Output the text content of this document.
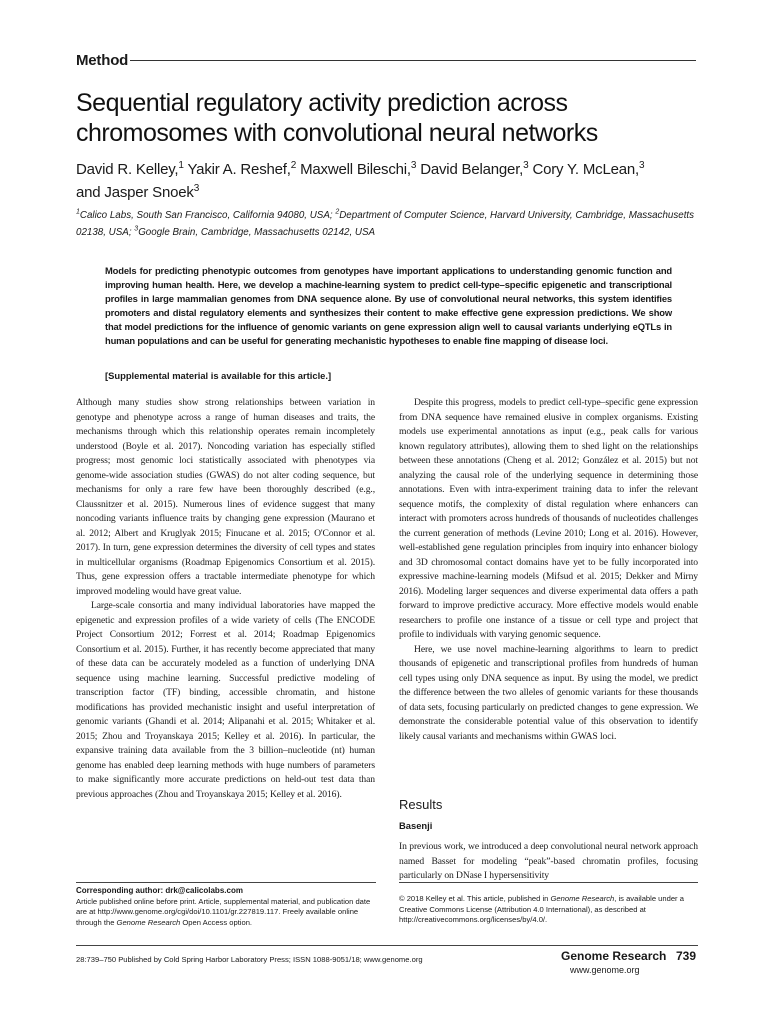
Method
Sequential regulatory activity prediction across chromosomes with convolutional neural networks
David R. Kelley,$^1$ Yakir A. Reshef,$^2$ Maxwell Bileschi,$^3$ David Belanger,$^3$ Cory Y. McLean,$^3$
and Jasper Snoek$^3$
$^1$Calico Labs, South San Francisco, California 94080, USA; $^2$Department of Computer Science, Harvard University, Cambridge, Massachusetts 02138, USA; $^3$Google Brain, Cambridge, Massachusetts 02142, USA
Models for predicting phenotypic outcomes from genotypes have important applications to understanding genomic function and improving human health. Here, we develop a machine-learning system to predict cell-type–specific epigenetic and transcriptional profiles in large mammalian genomes from DNA sequence alone. By use of convolutional neural networks, this system identifies promoters and distal regulatory elements and synthesizes their content to make effective gene expression predictions. We show that model predictions for the influence of genomic variants on gene expression align well to causal variants underlying eQTLs in human populations and can be useful for generating mechanistic hypotheses to enable fine mapping of disease loci.
[Supplemental material is available for this article.]

Although many studies show strong relationships between variation in genotype and phenotype across a range of human diseases and traits, the mechanisms through which this relationship operates remain incompletely understood (Boyle et al. 2017). Noncoding variation has especially stifled progress; most genomic loci statistically associated with phenotypes via genome-wide association studies (GWAS) do not alter coding sequence, but mechanisms for only a rare few have been thoroughly described (e.g., Claussnitzer et al. 2015). Numerous lines of evidence suggest that many noncoding variants influence traits by changing gene expression (Maurano et al. 2012; Albert and Kruglyak 2015; Finucane et al. 2015; O'Connor et al. 2017). In turn, gene expression determines the diversity of cell types and states in multicellular organisms (Roadmap Epigenomics Consortium et al. 2015). Thus, gene expression offers a tractable intermediate phenotype for which improved modeling would have great value.

Large-scale consortia and many individual laboratories have mapped the epigenetic and expression profiles of a wide variety of cells (The ENCODE Project Consortium 2012; Forrest et al. 2014; Roadmap Epigenomics Consortium et al. 2015). Further, it has recently become appreciated that many of these data can be accurately modeled as a function of underlying DNA sequence using machine learning. Successful predictive modeling of transcription factor (TF) binding, accessible chromatin, and histone modifications has provided mechanistic insight and useful interpretation of genomic variants (Ghandi et al. 2014; Alipanahi et al. 2015; Whitaker et al. 2015; Zhou and Troyanskaya 2015; Kelley et al. 2016). In particular, the expansive training data available from the 3 billion–nucleotide (nt) human genome has enabled deep learning methods with huge numbers of parameters to make significantly more accurate predictions on held-out test data than previous approaches (Zhou and Troyanskaya 2015; Kelley et al. 2016).

Despite this progress, models to predict cell-type–specific gene expression from DNA sequence have remained elusive in complex organisms. Existing models use experimental annotations as input (e.g., peak calls for various known regulatory attributes), allowing them to shed light on the relationships between these annotations (Cheng et al. 2012; González et al. 2015) but not analyzing the causal role of the underlying sequence in determining those annotations. Even with intra-experiment training data to infer the relevant sequence motifs, the complexity of distal regulation where enhancers can interact with promoters across hundreds of thousands of nucleotides challenges the current generation of methods (Levine 2010; Long et al. 2016). However, well-established gene regulation principles from inquiry into enhancer biology and 3D chromosomal contact domains have yet to be fully incorporated into expressive machine-learning models (Mifsud et al. 2015; Dekker and Mirny 2016). Modeling larger sequences and diverse experimental data offers a path forward to improve predictive accuracy. More effective models would enable researchers to profile one instance of a tissue or cell type and project that profile to individuals with varying genomic sequence.

Here, we use novel machine-learning algorithms to learn to predict thousands of epigenetic and transcriptional profiles from hundreds of human cell types using only DNA sequence as input. By using the model, we predict the difference between the two alleles of genomic variants for these thousands of data sets, focusing particularly on predicted changes to gene expression. We demonstrate the considerable potential value of this observation to identify likely causal variants and mechanisms within GWAS loci.

Results
Basenji

In previous work, we introduced a deep convolutional neural network approach named Basset for modeling “peak”-based chromatin profiles, focusing particularly on DNase I hypersensitivity

Corresponding author: drk@calicolabs.com
Article published online before print. Article, supplemental material, and publication date are at http://www.genome.org/cgi/doi/10.1101/gr.227819.117. Freely available online through the Genome Research Open Access option.
© 2018 Kelley et al. This article, published in Genome Research, is available under a Creative Commons License (Attribution 4.0 International), as described at http://creativecommons.org/licenses/by/4.0/.
28:739–750 Published by Cold Spring Harbor Laboratory Press; ISSN 1088-9051/18; www.genome.org	Genome Research 739
www.genome.org
